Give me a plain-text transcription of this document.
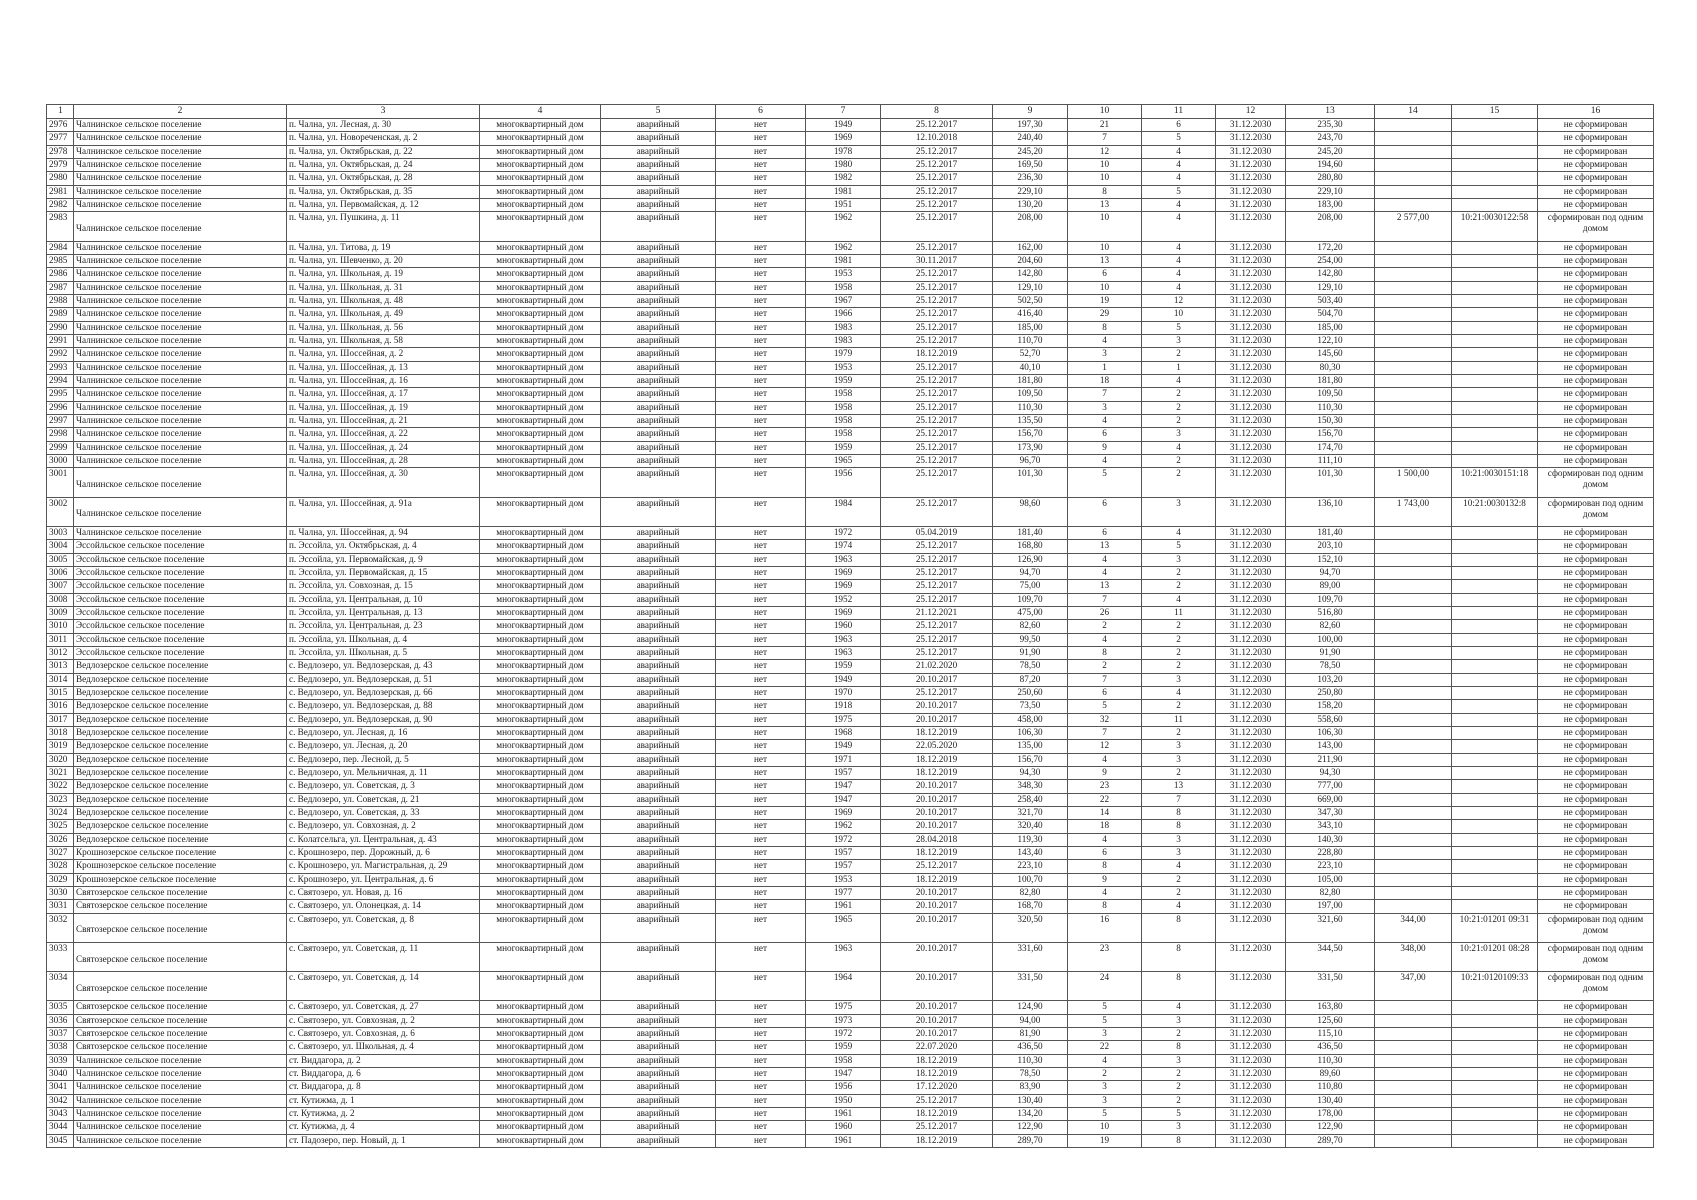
1	2	3	4	5	6	7	8	9	10	11	12	13	14	15	16
2976	Чалнинское сельское поселение	п. Чална, ул. Лесная, д. 30	многоквартирный дом	аварийный	нет	1949	25.12.2017	197,30	21	6	31.12.2030	235,30			не сформирован
2977	Чалнинское сельское поселение	п. Чална, ул. Новореченская, д. 2	многоквартирный дом	аварийный	нет	1969	12.10.2018	240,40	7	5	31.12.2030	243,70			не сформирован
2978	Чалнинское сельское поселение	п. Чална, ул. Октябрьская, д. 22	многоквартирный дом	аварийный	нет	1978	25.12.2017	245,20	12	4	31.12.2030	245,20			не сформирован
2979	Чалнинское сельское поселение	п. Чална, ул. Октябрьская, д. 24	многоквартирный дом	аварийный	нет	1980	25.12.2017	169,50	10	4	31.12.2030	194,60			не сформирован
2980	Чалнинское сельское поселение	п. Чална, ул. Октябрьская, д. 28	многоквартирный дом	аварийный	нет	1982	25.12.2017	236,30	10	4	31.12.2030	280,80			не сформирован
2981	Чалнинское сельское поселение	п. Чална, ул. Октябрьская, д. 35	многоквартирный дом	аварийный	нет	1981	25.12.2017	229,10	8	5	31.12.2030	229,10			не сформирован
2982	Чалнинское сельское поселение	п. Чална, ул. Первомайская, д. 12	многоквартирный дом	аварийный	нет	1951	25.12.2017	130,20	13	4	31.12.2030	183,00			не сформирован
2983	Чалнинское сельское поселение	п. Чална, ул. Пушкина, д. 11	многоквартирный дом	аварийный	нет	1962	25.12.2017	208,00	10	4	31.12.2030	208,00	2 577,00	10:21:0030122:58	сформирован под одним домом
2984	Чалнинское сельское поселение	п. Чална, ул. Титова, д. 19	многоквартирный дом	аварийный	нет	1962	25.12.2017	162,00	10	4	31.12.2030	172,20			не сформирован
2985	Чалнинское сельское поселение	п. Чална, ул. Шевченко, д. 20	многоквартирный дом	аварийный	нет	1981	30.11.2017	204,60	13	4	31.12.2030	254,00			не сформирован
2986	Чалнинское сельское поселение	п. Чална, ул. Школьная, д. 19	многоквартирный дом	аварийный	нет	1953	25.12.2017	142,80	6	4	31.12.2030	142,80			не сформирован
2987	Чалнинское сельское поселение	п. Чална, ул. Школьная, д. 31	многоквартирный дом	аварийный	нет	1958	25.12.2017	129,10	10	4	31.12.2030	129,10			не сформирован
2988	Чалнинское сельское поселение	п. Чална, ул. Школьная, д. 48	многоквартирный дом	аварийный	нет	1967	25.12.2017	502,50	19	12	31.12.2030	503,40			не сформирован
2989	Чалнинское сельское поселение	п. Чална, ул. Школьная, д. 49	многоквартирный дом	аварийный	нет	1966	25.12.2017	416,40	29	10	31.12.2030	504,70			не сформирован
2990	Чалнинское сельское поселение	п. Чална, ул. Школьная, д. 56	многоквартирный дом	аварийный	нет	1983	25.12.2017	185,00	8	5	31.12.2030	185,00			не сформирован
2991	Чалнинское сельское поселение	п. Чална, ул. Школьная, д. 58	многоквартирный дом	аварийный	нет	1983	25.12.2017	110,70	4	3	31.12.2030	122,10			не сформирован
2992	Чалнинское сельское поселение	п. Чална, ул. Шоссейная, д. 2	многоквартирный дом	аварийный	нет	1979	18.12.2019	52,70	3	2	31.12.2030	145,60			не сформирован
2993	Чалнинское сельское поселение	п. Чална, ул. Шоссейная, д. 13	многоквартирный дом	аварийный	нет	1953	25.12.2017	40,10	1	1	31.12.2030	80,30			не сформирован
2994	Чалнинское сельское поселение	п. Чална, ул. Шоссейная, д. 16	многоквартирный дом	аварийный	нет	1959	25.12.2017	181,80	18	4	31.12.2030	181,80			не сформирован
2995	Чалнинское сельское поселение	п. Чална, ул. Шоссейная, д. 17	многоквартирный дом	аварийный	нет	1958	25.12.2017	109,50	7	2	31.12.2030	109,50			не сформирован
2996	Чалнинское сельское поселение	п. Чална, ул. Шоссейная, д. 19	многоквартирный дом	аварийный	нет	1958	25.12.2017	110,30	3	2	31.12.2030	110,30			не сформирован
2997	Чалнинское сельское поселение	п. Чална, ул. Шоссейная, д. 21	многоквартирный дом	аварийный	нет	1958	25.12.2017	135,50	4	2	31.12.2030	150,30			не сформирован
2998	Чалнинское сельское поселение	п. Чална, ул. Шоссейная, д. 22	многоквартирный дом	аварийный	нет	1958	25.12.2017	156,70	6	3	31.12.2030	156,70			не сформирован
2999	Чалнинское сельское поселение	п. Чална, ул. Шоссейная, д. 24	многоквартирный дом	аварийный	нет	1959	25.12.2017	173,90	9	4	31.12.2030	174,70			не сформирован
3000	Чалнинское сельское поселение	п. Чална, ул. Шоссейная, д. 28	многоквартирный дом	аварийный	нет	1965	25.12.2017	96,70	4	2	31.12.2030	111,10			не сформирован
3001	Чалнинское сельское поселение	п. Чална, ул. Шоссейная, д. 30	многоквартирный дом	аварийный	нет	1956	25.12.2017	101,30	5	2	31.12.2030	101,30	1 500,00	10:21:0030151:18	сформирован под одним домом
3002	Чалнинское сельское поселение	п. Чална, ул. Шоссейная, д. 91а	многоквартирный дом	аварийный	нет	1984	25.12.2017	98,60	6	3	31.12.2030	136,10	1 743,00	10:21:0030132:8	сформирован под одним домом
3003	Чалнинское сельское поселение	п. Чална, ул. Шоссейная, д. 94	многоквартирный дом	аварийный	нет	1972	05.04.2019	181,40	6	4	31.12.2030	181,40			не сформирован
3004	Эссойльское сельское поселение	п. Эссойла, ул. Октябрьская, д. 4	многоквартирный дом	аварийный	нет	1974	25.12.2017	168,80	13	5	31.12.2030	203,10			не сформирован
3005	Эссойльское сельское поселение	п. Эссойла, ул. Первомайская, д. 9	многоквартирный дом	аварийный	нет	1963	25.12.2017	126,90	4	3	31.12.2030	152,10			не сформирован
3006	Эссойльское сельское поселение	п. Эссойла, ул. Первомайская, д. 15	многоквартирный дом	аварийный	нет	1969	25.12.2017	94,70	4	2	31.12.2030	94,70			не сформирован
3007	Эссойльское сельское поселение	п. Эссойла, ул. Совхозная, д. 15	многоквартирный дом	аварийный	нет	1969	25.12.2017	75,00	13	2	31.12.2030	89,00			не сформирован
3008	Эссойльское сельское поселение	п. Эссойла, ул. Центральная, д. 10	многоквартирный дом	аварийный	нет	1952	25.12.2017	109,70	7	4	31.12.2030	109,70			не сформирован
3009	Эссойльское сельское поселение	п. Эссойла, ул. Центральная, д. 13	многоквартирный дом	аварийный	нет	1969	21.12.2021	475,00	26	11	31.12.2030	516,80			не сформирован
3010	Эссойльское сельское поселение	п. Эссойла, ул. Центральная, д. 23	многоквартирный дом	аварийный	нет	1960	25.12.2017	82,60	2	2	31.12.2030	82,60			не сформирован
3011	Эссойльское сельское поселение	п. Эссойла, ул. Школьная, д. 4	многоквартирный дом	аварийный	нет	1963	25.12.2017	99,50	4	2	31.12.2030	100,00			не сформирован
3012	Эссойльское сельское поселение	п. Эссойла, ул. Школьная, д. 5	многоквартирный дом	аварийный	нет	1963	25.12.2017	91,90	8	2	31.12.2030	91,90			не сформирован
3013	Ведлозерское сельское поселение	с. Ведлозеро, ул. Ведлозерская, д. 43	многоквартирный дом	аварийный	нет	1959	21.02.2020	78,50	2	2	31.12.2030	78,50			не сформирован
3014	Ведлозерское сельское поселение	с. Ведлозеро, ул. Ведлозерская, д. 51	многоквартирный дом	аварийный	нет	1949	20.10.2017	87,20	7	3	31.12.2030	103,20			не сформирован
3015	Ведлозерское сельское поселение	с. Ведлозеро, ул. Ведлозерская, д. 66	многоквартирный дом	аварийный	нет	1970	25.12.2017	250,60	6	4	31.12.2030	250,80			не сформирован
3016	Ведлозерское сельское поселение	с. Ведлозеро, ул. Ведлозерская, д. 88	многоквартирный дом	аварийный	нет	1918	20.10.2017	73,50	5	2	31.12.2030	158,20			не сформирован
3017	Ведлозерское сельское поселение	с. Ведлозеро, ул. Ведлозерская, д. 90	многоквартирный дом	аварийный	нет	1975	20.10.2017	458,00	32	11	31.12.2030	558,60			не сформирован
3018	Ведлозерское сельское поселение	с. Ведлозеро, ул. Лесная, д. 16	многоквартирный дом	аварийный	нет	1968	18.12.2019	106,30	7	2	31.12.2030	106,30			не сформирован
3019	Ведлозерское сельское поселение	с. Ведлозеро, ул. Лесная, д. 20	многоквартирный дом	аварийный	нет	1949	22.05.2020	135,00	12	3	31.12.2030	143,00			не сформирован
3020	Ведлозерское сельское поселение	с. Ведлозеро, пер. Лесной, д. 5	многоквартирный дом	аварийный	нет	1971	18.12.2019	156,70	4	3	31.12.2030	211,90			не сформирован
3021	Ведлозерское сельское поселение	с. Ведлозеро, ул. Мельничная, д. 11	многоквартирный дом	аварийный	нет	1957	18.12.2019	94,30	9	2	31.12.2030	94,30			не сформирован
3022	Ведлозерское сельское поселение	с. Ведлозеро, ул. Советская, д. 3	многоквартирный дом	аварийный	нет	1947	20.10.2017	348,30	23	13	31.12.2030	777,00			не сформирован
3023	Ведлозерское сельское поселение	с. Ведлозеро, ул. Советская, д. 21	многоквартирный дом	аварийный	нет	1947	20.10.2017	258,40	22	7	31.12.2030	669,00			не сформирован
3024	Ведлозерское сельское поселение	с. Ведлозеро, ул. Советская, д. 33	многоквартирный дом	аварийный	нет	1969	20.10.2017	321,70	14	8	31.12.2030	347,30			не сформирован
3025	Ведлозерское сельское поселение	с. Ведлозеро, ул. Совхозная, д. 2	многоквартирный дом	аварийный	нет	1962	20.10.2017	320,40	18	8	31.12.2030	343,10			не сформирован
3026	Ведлозерское сельское поселение	с. Колатсельга, ул. Центральная, д. 43	многоквартирный дом	аварийный	нет	1972	28.04.2018	119,30	4	3	31.12.2030	140,30			не сформирован
3027	Крошнозерское сельское поселение	с. Крошнозеро, пер. Дорожный, д. 6	многоквартирный дом	аварийный	нет	1957	18.12.2019	143,40	6	3	31.12.2030	228,80			не сформирован
3028	Крошнозерское сельское поселение	с. Крошнозеро, ул. Магистральная, д. 29	многоквартирный дом	аварийный	нет	1957	25.12.2017	223,10	8	4	31.12.2030	223,10			не сформирован
3029	Крошнозерское сельское поселение	с. Крошнозеро, ул. Центральная, д. 6	многоквартирный дом	аварийный	нет	1953	18.12.2019	100,70	9	2	31.12.2030	105,00			не сформирован
3030	Святозерское сельское поселение	с. Святозеро, ул. Новая, д. 16	многоквартирный дом	аварийный	нет	1977	20.10.2017	82,80	4	2	31.12.2030	82,80			не сформирован
3031	Святозерское сельское поселение	с. Святозеро, ул. Олонецкая, д. 14	многоквартирный дом	аварийный	нет	1961	20.10.2017	168,70	8	4	31.12.2030	197,00			не сформирован
3032	Святозерское сельское поселение	с. Святозеро, ул. Советская, д. 8	многоквартирный дом	аварийный	нет	1965	20.10.2017	320,50	16	8	31.12.2030	321,60	344,00	10:21:01201 09:31	сформирован под одним домом
3033	Святозерское сельское поселение	с. Святозеро, ул. Советская, д. 11	многоквартирный дом	аварийный	нет	1963	20.10.2017	331,60	23	8	31.12.2030	344,50	348,00	10:21:01201 08:28	сформирован под одним домом
3034	Святозерское сельское поселение	с. Святозеро, ул. Советская, д. 14	многоквартирный дом	аварийный	нет	1964	20.10.2017	331,50	24	8	31.12.2030	331,50	347,00	10:21:0120109:33	сформирован под одним домом
3035	Святозерское сельское поселение	с. Святозеро, ул. Советская, д. 27	многоквартирный дом	аварийный	нет	1975	20.10.2017	124,90	5	4	31.12.2030	163,80			не сформирован
3036	Святозерское сельское поселение	с. Святозеро, ул. Совхозная, д. 2	многоквартирный дом	аварийный	нет	1973	20.10.2017	94,00	5	3	31.12.2030	125,60			не сформирован
3037	Святозерское сельское поселение	с. Святозеро, ул. Совхозная, д. 6	многоквартирный дом	аварийный	нет	1972	20.10.2017	81,90	3	2	31.12.2030	115,10			не сформирован
3038	Святозерское сельское поселение	с. Святозеро, ул. Школьная, д. 4	многоквартирный дом	аварийный	нет	1959	22.07.2020	436,50	22	8	31.12.2030	436,50			не сформирован
3039	Чалнинское сельское поселение	ст. Виддагора, д. 2	многоквартирный дом	аварийный	нет	1958	18.12.2019	110,30	4	3	31.12.2030	110,30			не сформирован
3040	Чалнинское сельское поселение	ст. Виддагора, д. 6	многоквартирный дом	аварийный	нет	1947	18.12.2019	78,50	2	2	31.12.2030	89,60			не сформирован
3041	Чалнинское сельское поселение	ст. Виддагора, д. 8	многоквартирный дом	аварийный	нет	1956	17.12.2020	83,90	3	2	31.12.2030	110,80			не сформирован
3042	Чалнинское сельское поселение	ст. Кутижма, д. 1	многоквартирный дом	аварийный	нет	1950	25.12.2017	130,40	3	2	31.12.2030	130,40			не сформирован
3043	Чалнинское сельское поселение	ст. Кутижма, д. 2	многоквартирный дом	аварийный	нет	1961	18.12.2019	134,20	5	5	31.12.2030	178,00			не сформирован
3044	Чалнинское сельское поселение	ст. Кутижма, д. 4	многоквартирный дом	аварийный	нет	1960	25.12.2017	122,90	10	3	31.12.2030	122,90			не сформирован
3045	Чалнинское сельское поселение	ст. Падозеро, пер. Новый, д. 1	многоквартирный дом	аварийный	нет	1961	18.12.2019	289,70	19	8	31.12.2030	289,70			не сформирован
